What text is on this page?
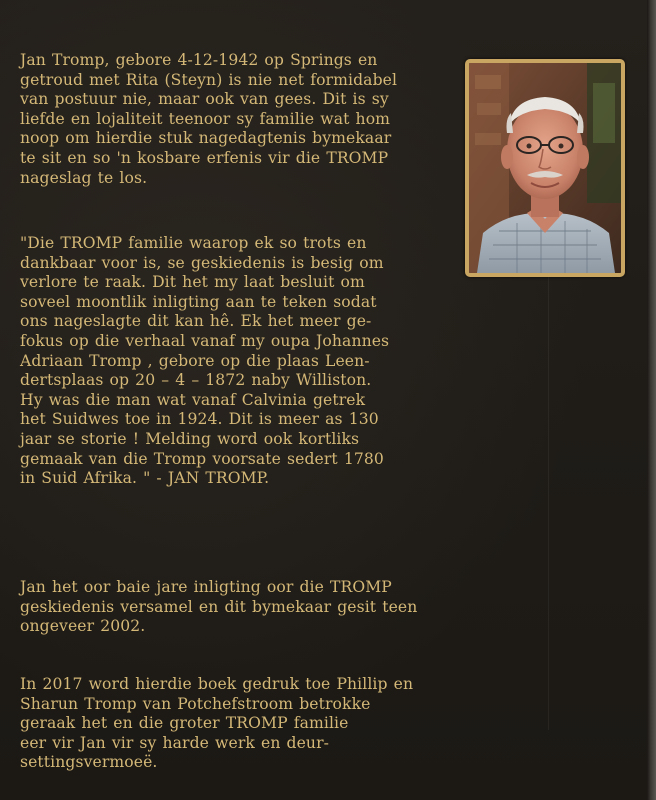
Jan Tromp, gebore 4-12-1942 op Springs en
getroud met Rita (Steyn) is nie net formidabel
van postuur nie, maar ook van gees. Dit is sy
liefde en lojaliteit teenoor sy familie wat hom
noop om hierdie stuk nagedagtenis bymekaar
te sit en so 'n kosbare erfenis vir die TROMP
nageslag te los.

"Die TROMP familie waarop ek so trots en
dankbaar voor is, se geskiedenis is besig om
verlore te raak. Dit het my laat besluit om
soveel moontlik inligting aan te teken sodat
ons nageslagte dit kan hê. Ek het meer ge-
fokus op die verhaal vanaf my oupa Johannes
Adriaan Tromp , gebore op die plaas Leen-
dertsplaas op 20 – 4 – 1872 naby Williston.
Hy was die man wat vanaf Calvinia getrek
het Suidwes toe in 1924. Dit is meer as 130
jaar se storie ! Melding word ook kortliks
gemaak van die Tromp voorsate sedert 1780
in Suid Afrika. " - JAN TROMP.

Jan het oor baie jare inligting oor die TROMP
geskiedenis versamel en dit bymekaar gesit teen
ongeveer 2002.

In 2017 word hierdie boek gedruk toe Phillip en
Sharun Tromp van Potchefstroom betrokke
geraak het en die groter TROMP familie
eer vir Jan vir sy harde werk en deur-
settingsvermoeë.
